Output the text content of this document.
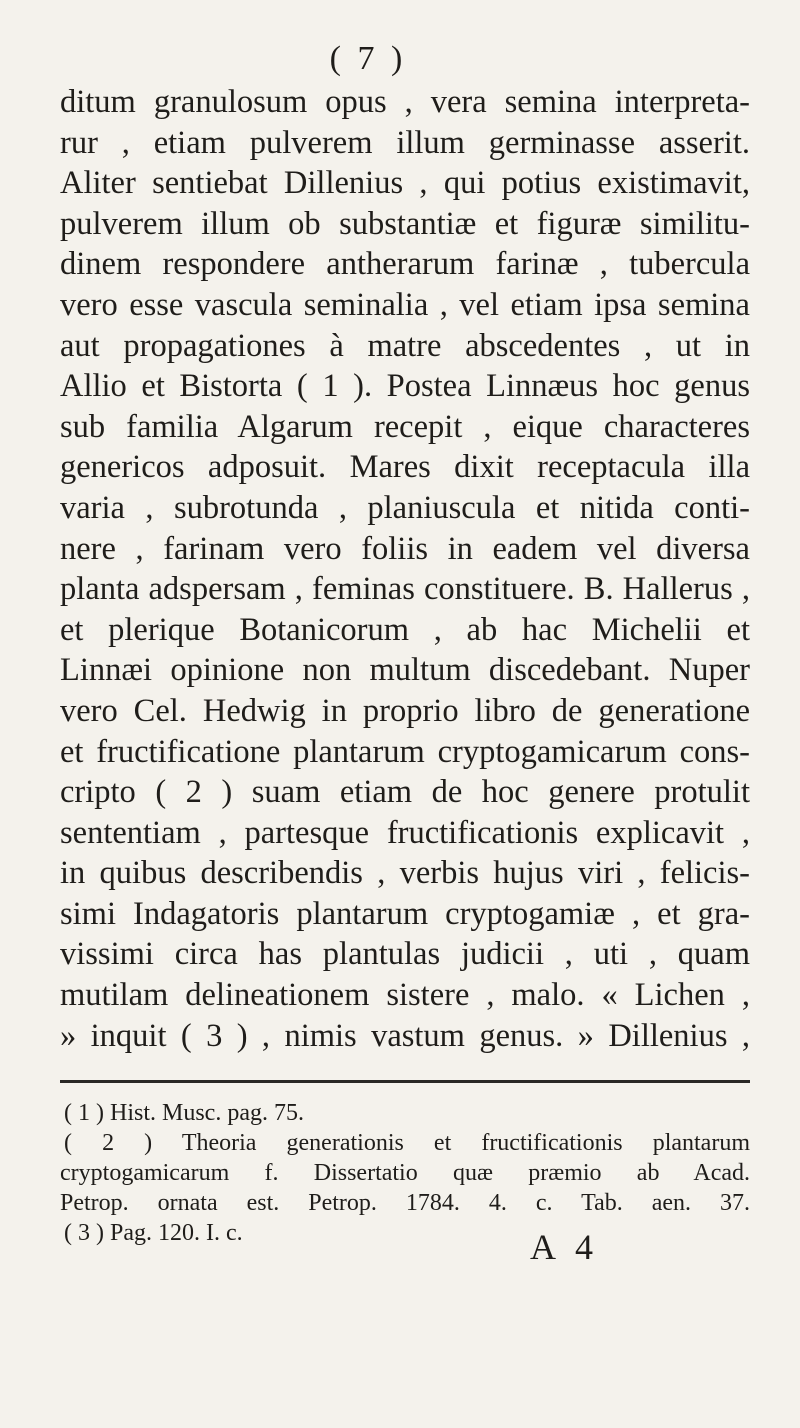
( 7 )
ditum granulosum opus , vera semina interpreta-
rur , etiam pulverem illum germinasse asserit.
Aliter sentiebat Dillenius , qui potius existimavit,
pulverem illum ob substantiæ et figuræ similitu-
dinem respondere antherarum farinæ , tubercula
vero esse vascula seminalia , vel etiam ipsa semina
aut propagationes à matre abscedentes , ut in
Allio et Bistorta ( 1 ). Postea Linnæus hoc genus
sub familia Algarum recepit , eique characteres
genericos adposuit. Mares dixit receptacula illa
varia , subrotunda , planiuscula et nitida conti-
nere , farinam vero foliis in eadem vel diversa
planta adspersam , feminas constituere. B. Hallerus ,
et plerique Botanicorum , ab hac Michelii et
Linnæi opinione non multum discedebant. Nuper
vero Cel. Hedwig in proprio libro de generatione
et fructificatione plantarum cryptogamicarum cons-
cripto ( 2 ) suam etiam de hoc genere protulit
sententiam , partesque fructificationis explicavit ,
in quibus describendis , verbis hujus viri , felicis-
simi Indagatoris plantarum cryptogamiæ , et gra-
vissimi circa has plantulas judicii , uti , quam
mutilam delineationem sistere , malo. « Lichen ,
» inquit ( 3 ) , nimis vastum genus. » Dillenius ,
( 1 ) Hist. Musc. pag. 75.
( 2 ) Theoria generationis et fructificationis plantarum
cryptogamicarum f. Dissertatio quæ præmio ab Acad.
Petrop. ornata est. Petrop. 1784. 4. c. Tab. aen. 37.
( 3 ) Pag. 120. I. c.	A 4
